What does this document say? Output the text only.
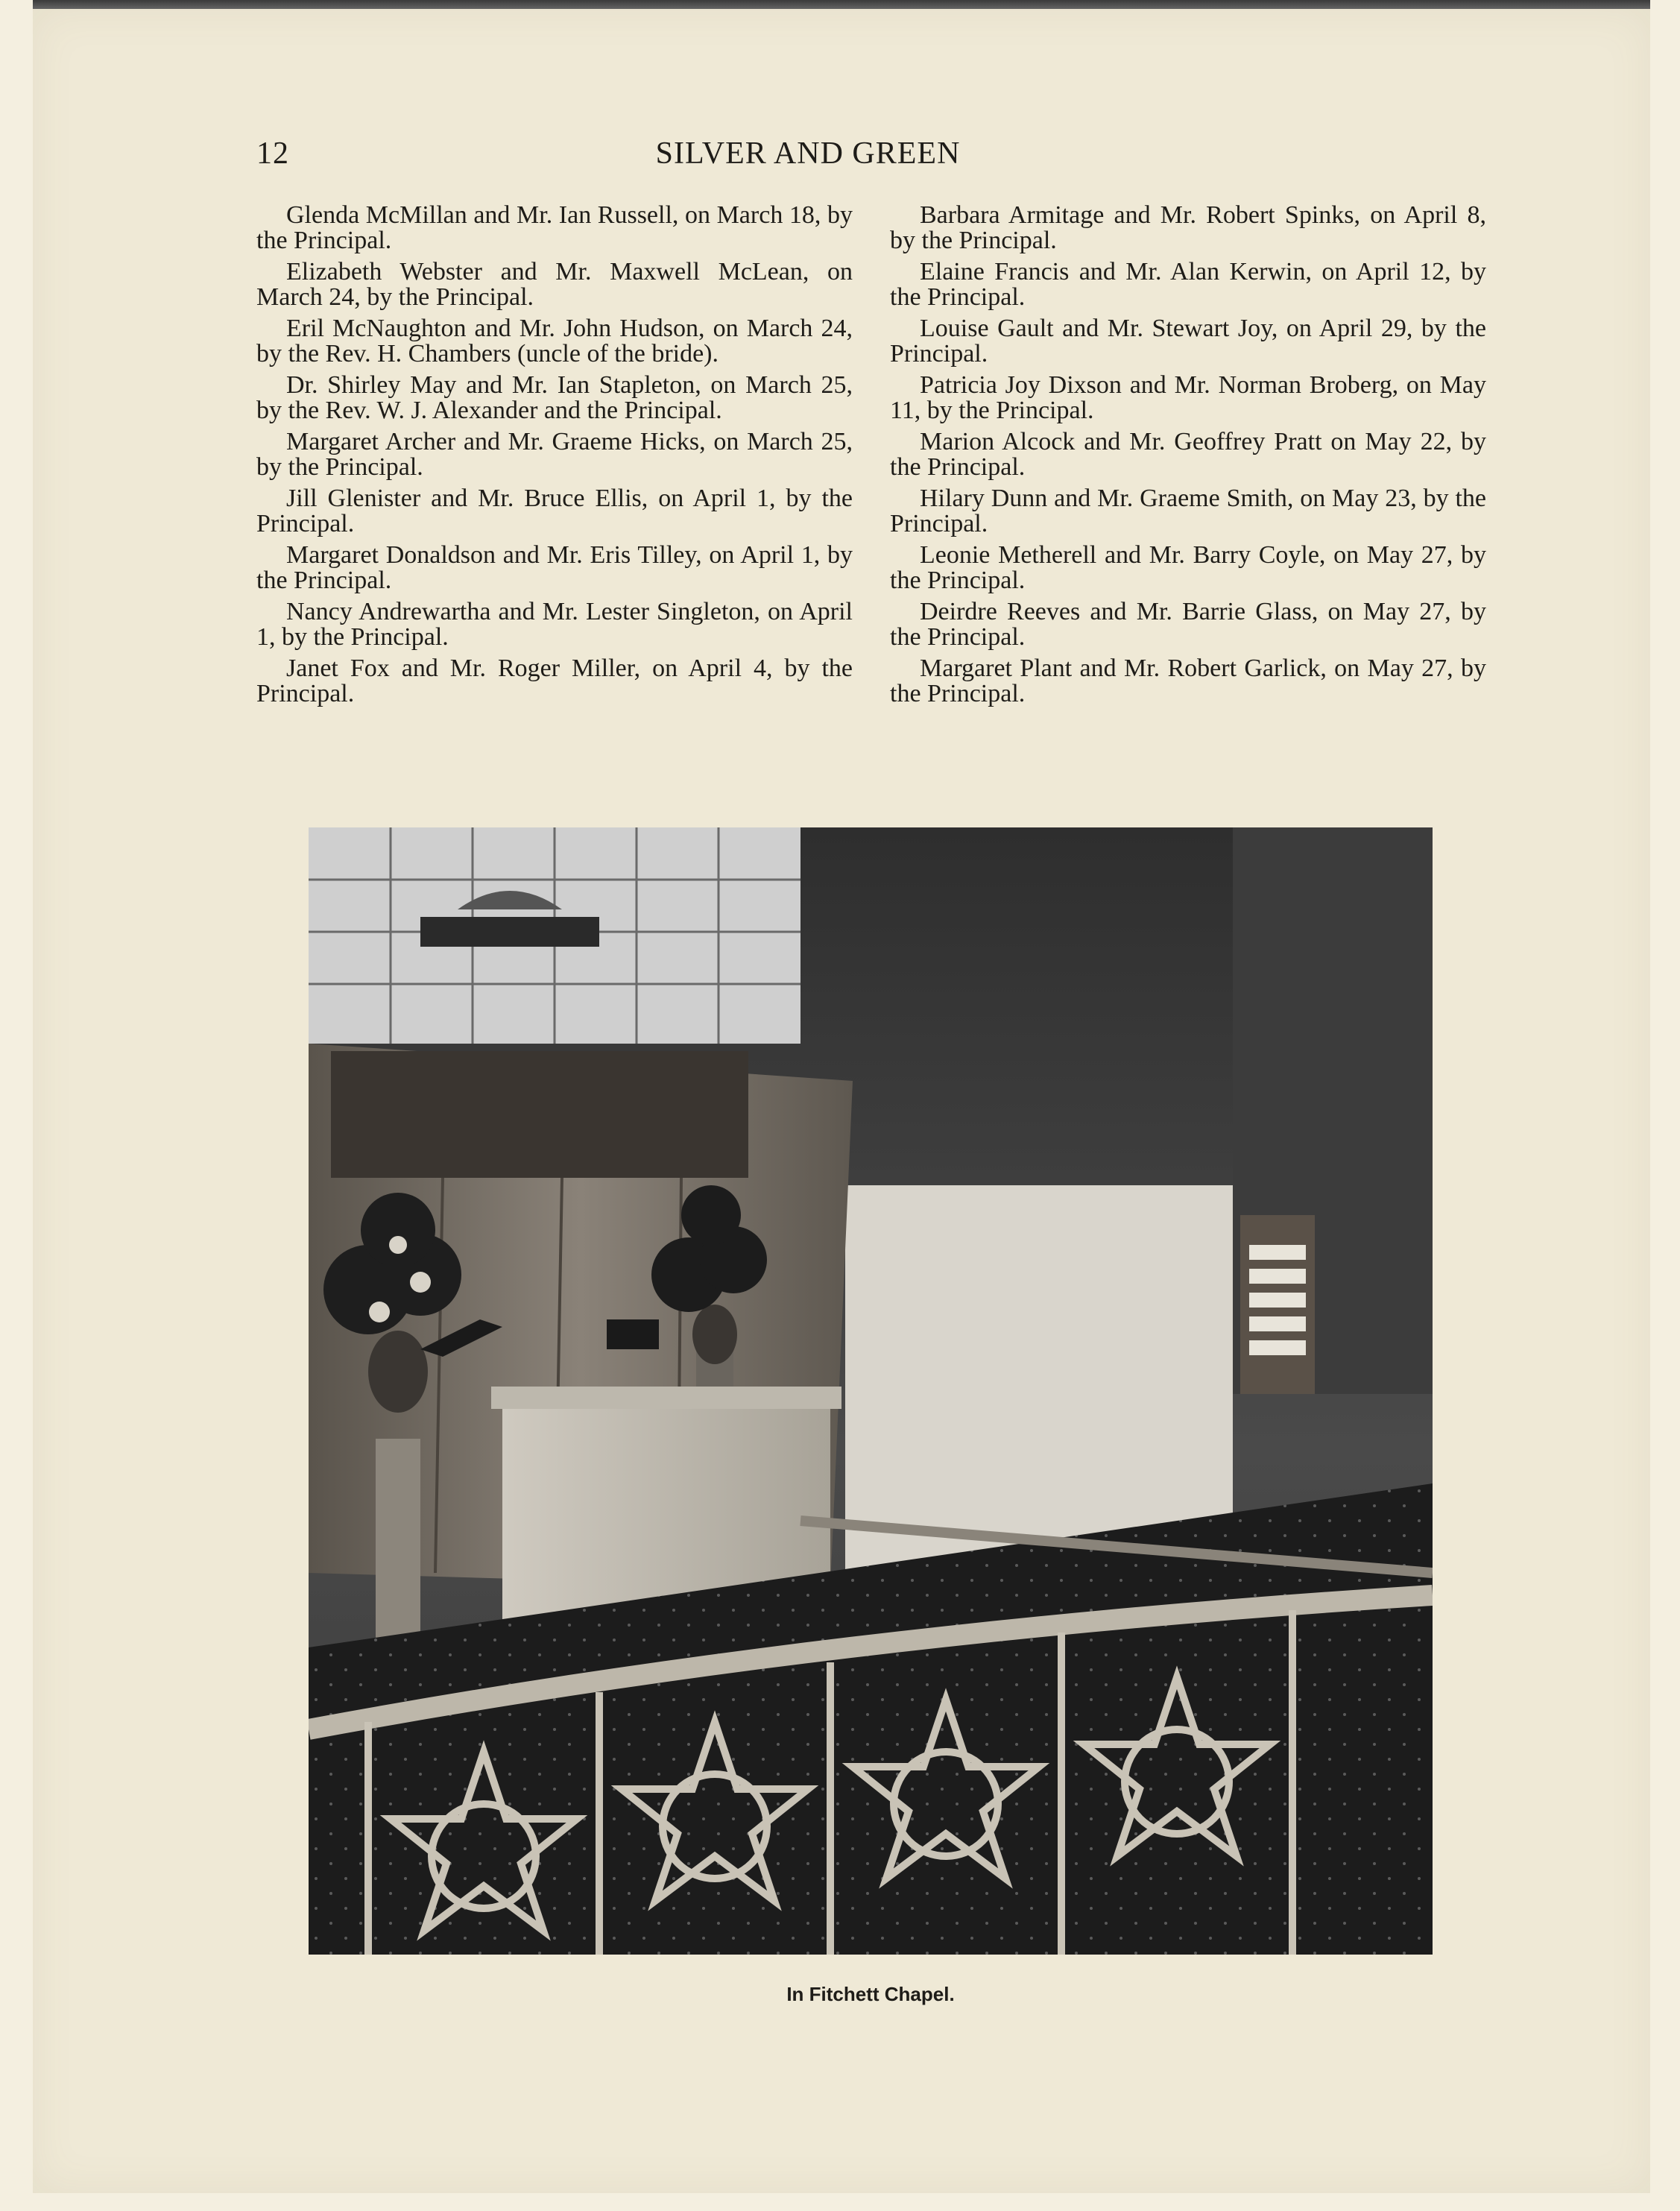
12	SILVER AND GREEN

Glenda McMillan and Mr. Ian Russell, on March 18, by the Principal.

Elizabeth Webster and Mr. Maxwell McLean, on March 24, by the Principal.

Eril McNaughton and Mr. John Hudson, on March 24, by the Rev. H. Chambers (uncle of the bride).

Dr. Shirley May and Mr. Ian Stapleton, on March 25, by the Rev. W. J. Alexander and the Principal.

Margaret Archer and Mr. Graeme Hicks, on March 25, by the Principal.

Jill Glenister and Mr. Bruce Ellis, on April 1, by the Principal.

Margaret Donaldson and Mr. Eris Tilley, on April 1, by the Principal.

Nancy Andrewartha and Mr. Lester Singleton, on April 1, by the Principal.

Janet Fox and Mr. Roger Miller, on April 4, by the Principal.

Barbara Armitage and Mr. Robert Spinks, on April 8, by the Principal.

Elaine Francis and Mr. Alan Kerwin, on April 12, by the Principal.

Louise Gault and Mr. Stewart Joy, on April 29, by the Principal.

Patricia Joy Dixson and Mr. Norman Broberg, on May 11, by the Principal.

Marion Alcock and Mr. Geoffrey Pratt on May 22, by the Principal.

Hilary Dunn and Mr. Graeme Smith, on May 23, by the Principal.

Leonie Metherell and Mr. Barry Coyle, on May 27, by the Principal.

Deirdre Reeves and Mr. Barrie Glass, on May 27, by the Principal.

Margaret Plant and Mr. Robert Garlick, on May 27, by the Principal.

In Fitchett Chapel.
